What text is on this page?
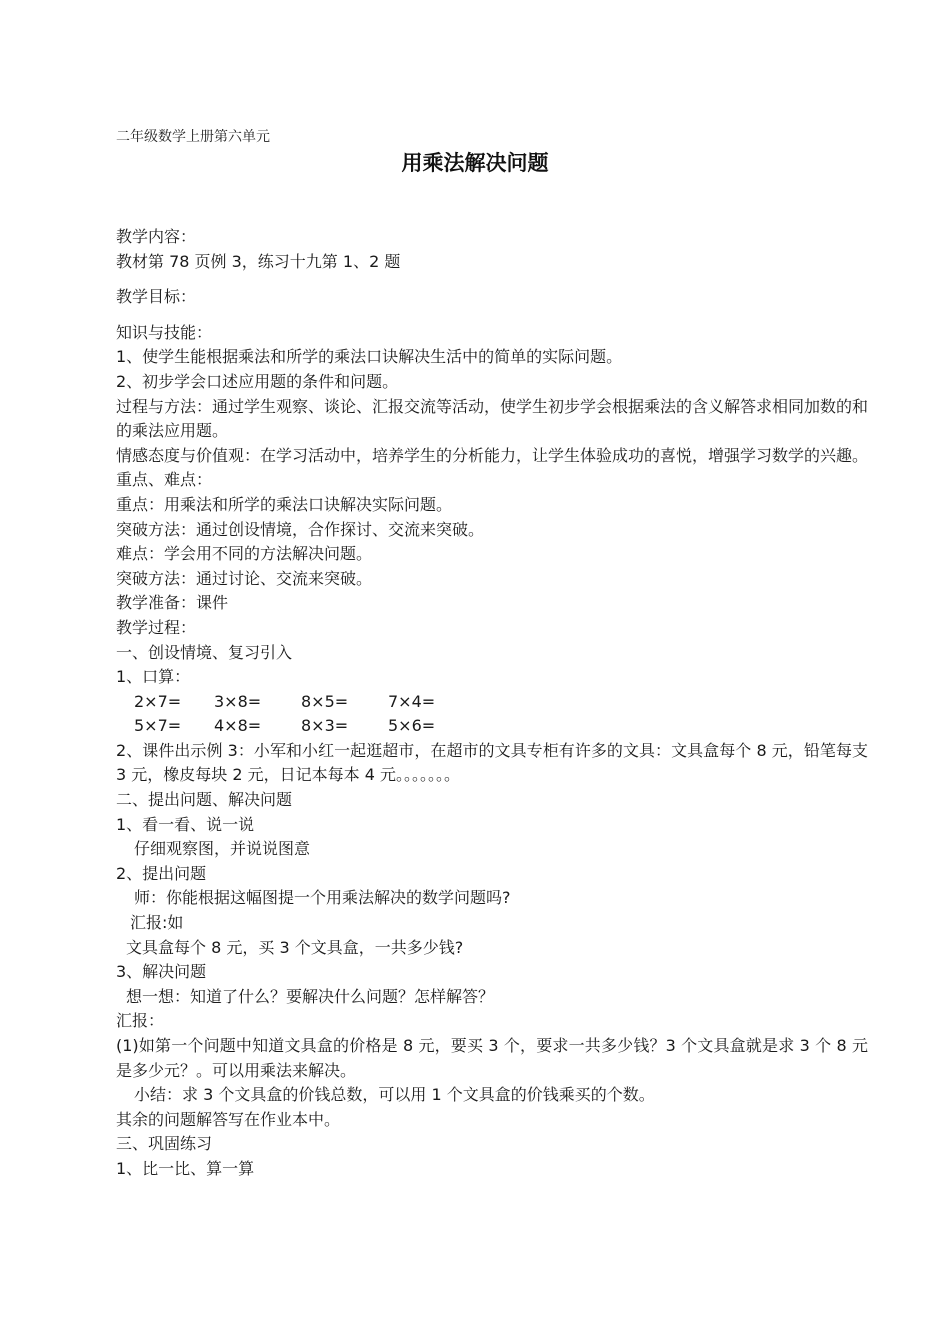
二年级数学上册第六单元
用乘法解决问题
教学内容：
教材第 78 页例 3，练习十九第 1、2 题
教学目标：
知识与技能：
1、使学生能根据乘法和所学的乘法口诀解决生活中的简单的实际问题。
2、初步学会口述应用题的条件和问题。
过程与方法：通过学生观察、谈论、汇报交流等活动，使学生初步学会根据乘法的含义解答求相同加数的和的乘法应用题。
情感态度与价值观：在学习活动中，培养学生的分析能力，让学生体验成功的喜悦，增强学习数学的兴趣。
重点、难点：
重点：用乘法和所学的乘法口诀解决实际问题。
突破方法：通过创设情境，合作探讨、交流来突破。
难点：学会用不同的方法解决问题。
突破方法：通过讨论、交流来突破。
教学准备：课件
教学过程：
一、创设情境、复习引入
1、口算：
2×7= 3×8= 8×5= 7×4=
5×7= 4×8= 8×3= 5×6=
2、课件出示例 3：小军和小红一起逛超市，在超市的文具专柜有许多的文具：文具盒每个 8 元，铅笔每支 3 元，橡皮每块 2 元，日记本每本 4 元。。。。。。。
二、提出问题、解决问题
1、看一看、说一说
仔细观察图，并说说图意
2、提出问题
师：你能根据这幅图提一个用乘法解决的数学问题吗?
汇报:如
文具盒每个 8 元，买 3 个文具盒，一共多少钱?
3、解决问题
想一想：知道了什么？要解决什么问题？怎样解答？
汇报：
(1)如第一个问题中知道文具盒的价格是 8 元，要买 3 个，要求一共多少钱？3 个文具盒就是求 3 个 8 元是多少元？。可以用乘法来解决。
小结：求 3 个文具盒的价钱总数，可以用 1 个文具盒的价钱乘买的个数。
其余的问题解答写在作业本中。
三、巩固练习
1、比一比、算一算
